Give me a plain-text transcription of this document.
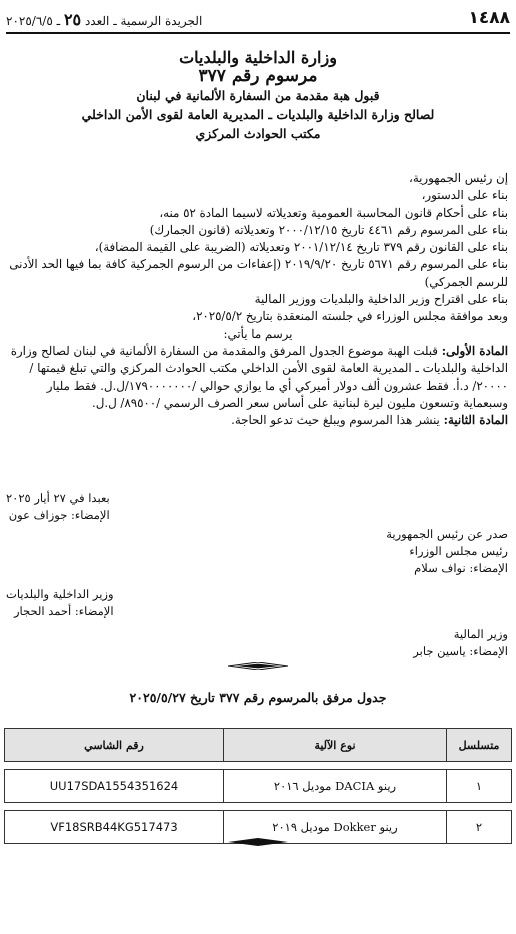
١٤٨٨
الجريدة الرسمية ـ العدد ٢٥ ـ ٢٠٢٥/٦/٥
وزارة الداخلية والبلديات
مرسوم رقم ٣٧٧
قبول هبة مقدمة من السفارة الألمانية في لبنان
لصالح وزارة الداخلية والبلديات ـ المديرية العامة لقوى الأمن الداخلي
مكتب الحوادث المركزي

إن رئيس الجمهورية،

بناء على الدستور،

بناء على أحكام قانون المحاسبة العمومية وتعديلاته لاسيما المادة ٥٢ منه،

بناء على المرسوم رقم ٤٤٦١ تاريخ ٢٠٠٠/١٢/١٥ وتعديلاته (قانون الجمارك)

بناء على القانون رقم ٣٧٩ تاريخ ٢٠٠١/١٢/١٤ وتعديلاته (الضريبة على القيمة المضافة)،

بناء على المرسوم رقم ٥٦٧١ تاريخ ٢٠١٩/٩/٢٠ (إعفاءات من الرسوم الجمركية كافة بما فيها الحد الأدنى للرسم الجمركي)

بناء على اقتراح وزير الداخلية والبلديات ووزير المالية

وبعد موافقة مجلس الوزراء في جلسته المنعقدة بتاريخ ٢٠٢٥/٥/٢،

يرسم ما يأتي:

المادة الأولى: قبلت الهبة موضوع الجدول المرفق والمقدمة من السفارة الألمانية في لبنان لصالح وزارة الداخلية والبلديات ـ المديرية العامة لقوى الأمن الداخلي مكتب الحوادث المركزي والتي تبلغ قيمتها /٢٠٠٠٠/ د.أ. فقط عشرون ألف دولار أميركي أي ما يوازي حوالي /١٧٩٠٠٠٠٠٠٠/ل.ل. فقط مليار وسبعماية وتسعون مليون ليرة لبنانية على أساس سعر الصرف الرسمي /٨٩٥٠٠/ ل.ل.

المادة الثانية: ينشر هذا المرسوم ويبلغ حيث تدعو الحاجة.

بعبدا في ٢٧ أيار ٢٠٢٥
الإمضاء: جوزاف عون
صدر عن رئيس الجمهورية
رئيس مجلس الوزراء
الإمضاء: نواف سلام
وزير الداخلية والبلديات
الإمضاء: أحمد الحجار
وزير المالية
الإمضاء: ياسين جابر
جدول مرفق بالمرسوم رقم ٣٧٧ تاريخ ٢٠٢٥/٥/٢٧
متسلسل	نوع الآلية	رقم الشاسي

١	رينو DACIA موديل ٢٠١٦	UU17SDA1554351624

٢	رينو Dokker موديل ٢٠١٩	VF18SRB44KG517473
